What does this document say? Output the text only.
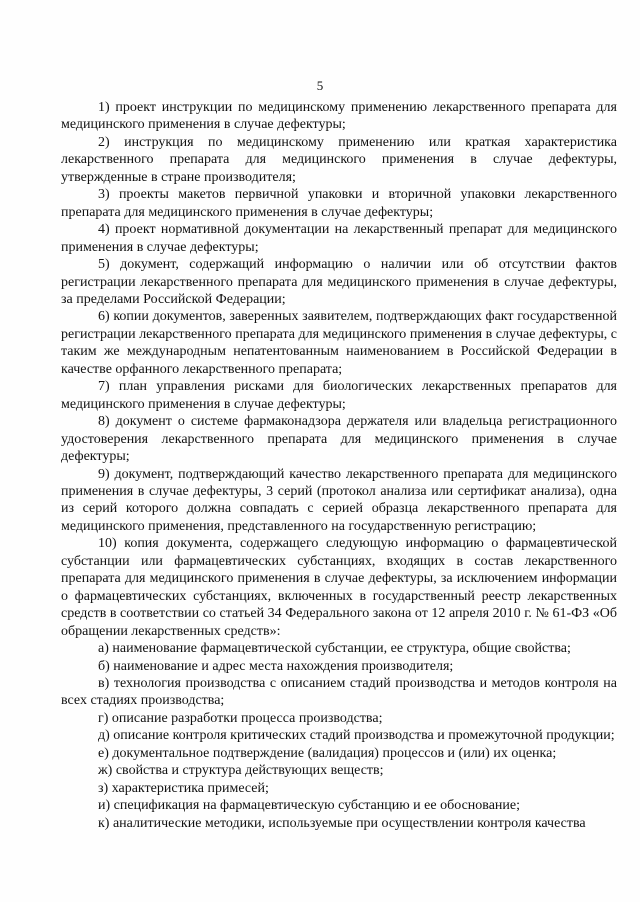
5

1) проект инструкции по медицинскому применению лекарственного препарата для медицинского применения в случае дефектуры;

2) инструкция по медицинскому применению или краткая характеристика лекарственного препарата для медицинского применения в случае дефектуры, утвержденные в стране производителя;

3) проекты макетов первичной упаковки и вторичной упаковки лекарственного препарата для медицинского применения в случае дефектуры;

4) проект нормативной документации на лекарственный препарат для медицинского применения в случае дефектуры;

5) документ, содержащий информацию о наличии или об отсутствии фактов регистрации лекарственного препарата для медицинского применения в случае дефектуры, за пределами Российской Федерации;

6) копии документов, заверенных заявителем, подтверждающих факт государственной регистрации лекарственного препарата для медицинского применения в случае дефектуры, с таким же международным непатентованным наименованием в Российской Федерации в качестве орфанного лекарственного препарата;

7) план управления рисками для биологических лекарственных препаратов для медицинского применения в случае дефектуры;

8) документ о системе фармаконадзора держателя или владельца регистрационного удостоверения лекарственного препарата для медицинского применения в случае дефектуры;

9) документ, подтверждающий качество лекарственного препарата для медицинского применения в случае дефектуры, 3 серий (протокол анализа или сертификат анализа), одна из серий которого должна совпадать с серией образца лекарственного препарата для медицинского применения, представленного на государственную регистрацию;

10) копия документа, содержащего следующую информацию о фармацевтической субстанции или фармацевтических субстанциях, входящих в состав лекарственного препарата для медицинского применения в случае дефектуры, за исключением информации о фармацевтических субстанциях, включенных в государственный реестр лекарственных средств в соответствии со статьей 34 Федерального закона от 12 апреля 2010 г. № 61-ФЗ «Об обращении лекарственных средств»:

а) наименование фармацевтической субстанции, ее структура, общие свойства;

б) наименование и адрес места нахождения производителя;

в) технология производства с описанием стадий производства и методов контроля на всех стадиях производства;

г) описание разработки процесса производства;

д) описание контроля критических стадий производства и промежуточной продукции;

е) документальное подтверждение (валидация) процессов и (или) их оценка;

ж) свойства и структура действующих веществ;

з) характеристика примесей;

и) спецификация на фармацевтическую субстанцию и ее обоснование;

к) аналитические методики, используемые при осуществлении контроля качества
